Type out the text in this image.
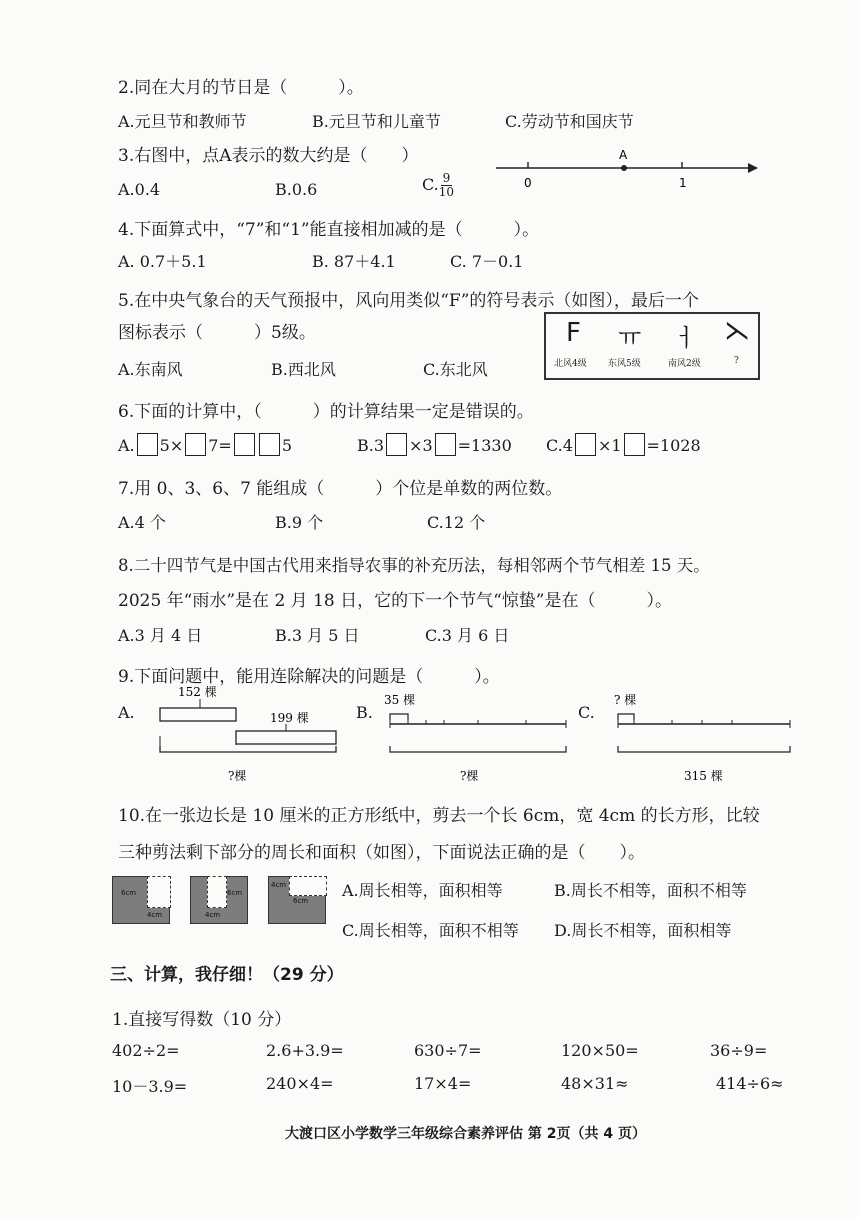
2.同在大月的节日是（　　　）。
A.元旦节和教师节	B.元旦节和儿童节	C.劳动节和国庆节
3.右图中，点A表示的数大约是（　　）
A.0.4	B.0.6	C. $\frac{9}{10}$	0
A
1
4.下面算式中，“7”和“1”能直接相加减的是（　　　）。
A. 0.7＋5.1	B. 87＋4.1	C. 7－0.1
5.在中央气象台的天气预报中，风向用类似“F”的符号表示（如图），最后一个
图标表示（　　　）5级。
A.东南风	B.西北风	C.东北风
F ㅠ ㅓ ⋋
北风4级 东风5级	南风2级	?
6.下面的计算中，（　　　）的计算结果一定是错误的。
A. 5× 7=	5	B.3 ×3 =1330 C.4 ×1 =1028
7.用 0、3、6、7 能组成（　　　）个位是单数的两位数。
A.4 个	B.9 个	C.12 个
8.二十四节气是中国古代用来指导农事的补充历法，每相邻两个节气相差 15 天。
2025 年“雨水”是在 2 月 18 日，它的下一个节气“惊蛰”是在（　　　）。
A.3 月 4 日	B.3 月 5 日	C.3 月 6 日
9.下面问题中，能用连除解决的问题是（　　　）。
A.
152 棵
199 棵
?棵
B.
35 棵
?棵
C.
? 棵
315 棵
10.在一张边长是 10 厘米的正方形纸中，剪去一个长 6cm，宽 4cm 的长方形，比较
三种剪法剩下部分的周长和面积（如图），下面说法正确的是（　　）。
6cm
4cm
6cm
4cm
4cm
6cm
A.周长相等，面积相等	B.周长不相等，面积不相等
C.周长相等，面积不相等 D.周长不相等，面积相等
三、计算，我仔细！（29 分）
1.直接写得数（10 分）
402÷2=	2.6+3.9=	630÷7=	120×50=	36÷9=
10－3.9=	240×4=	17×4=	48×31≈	414÷6≈
大渡口区小学数学三年级综合素养评估 第 2页（共 4 页）
